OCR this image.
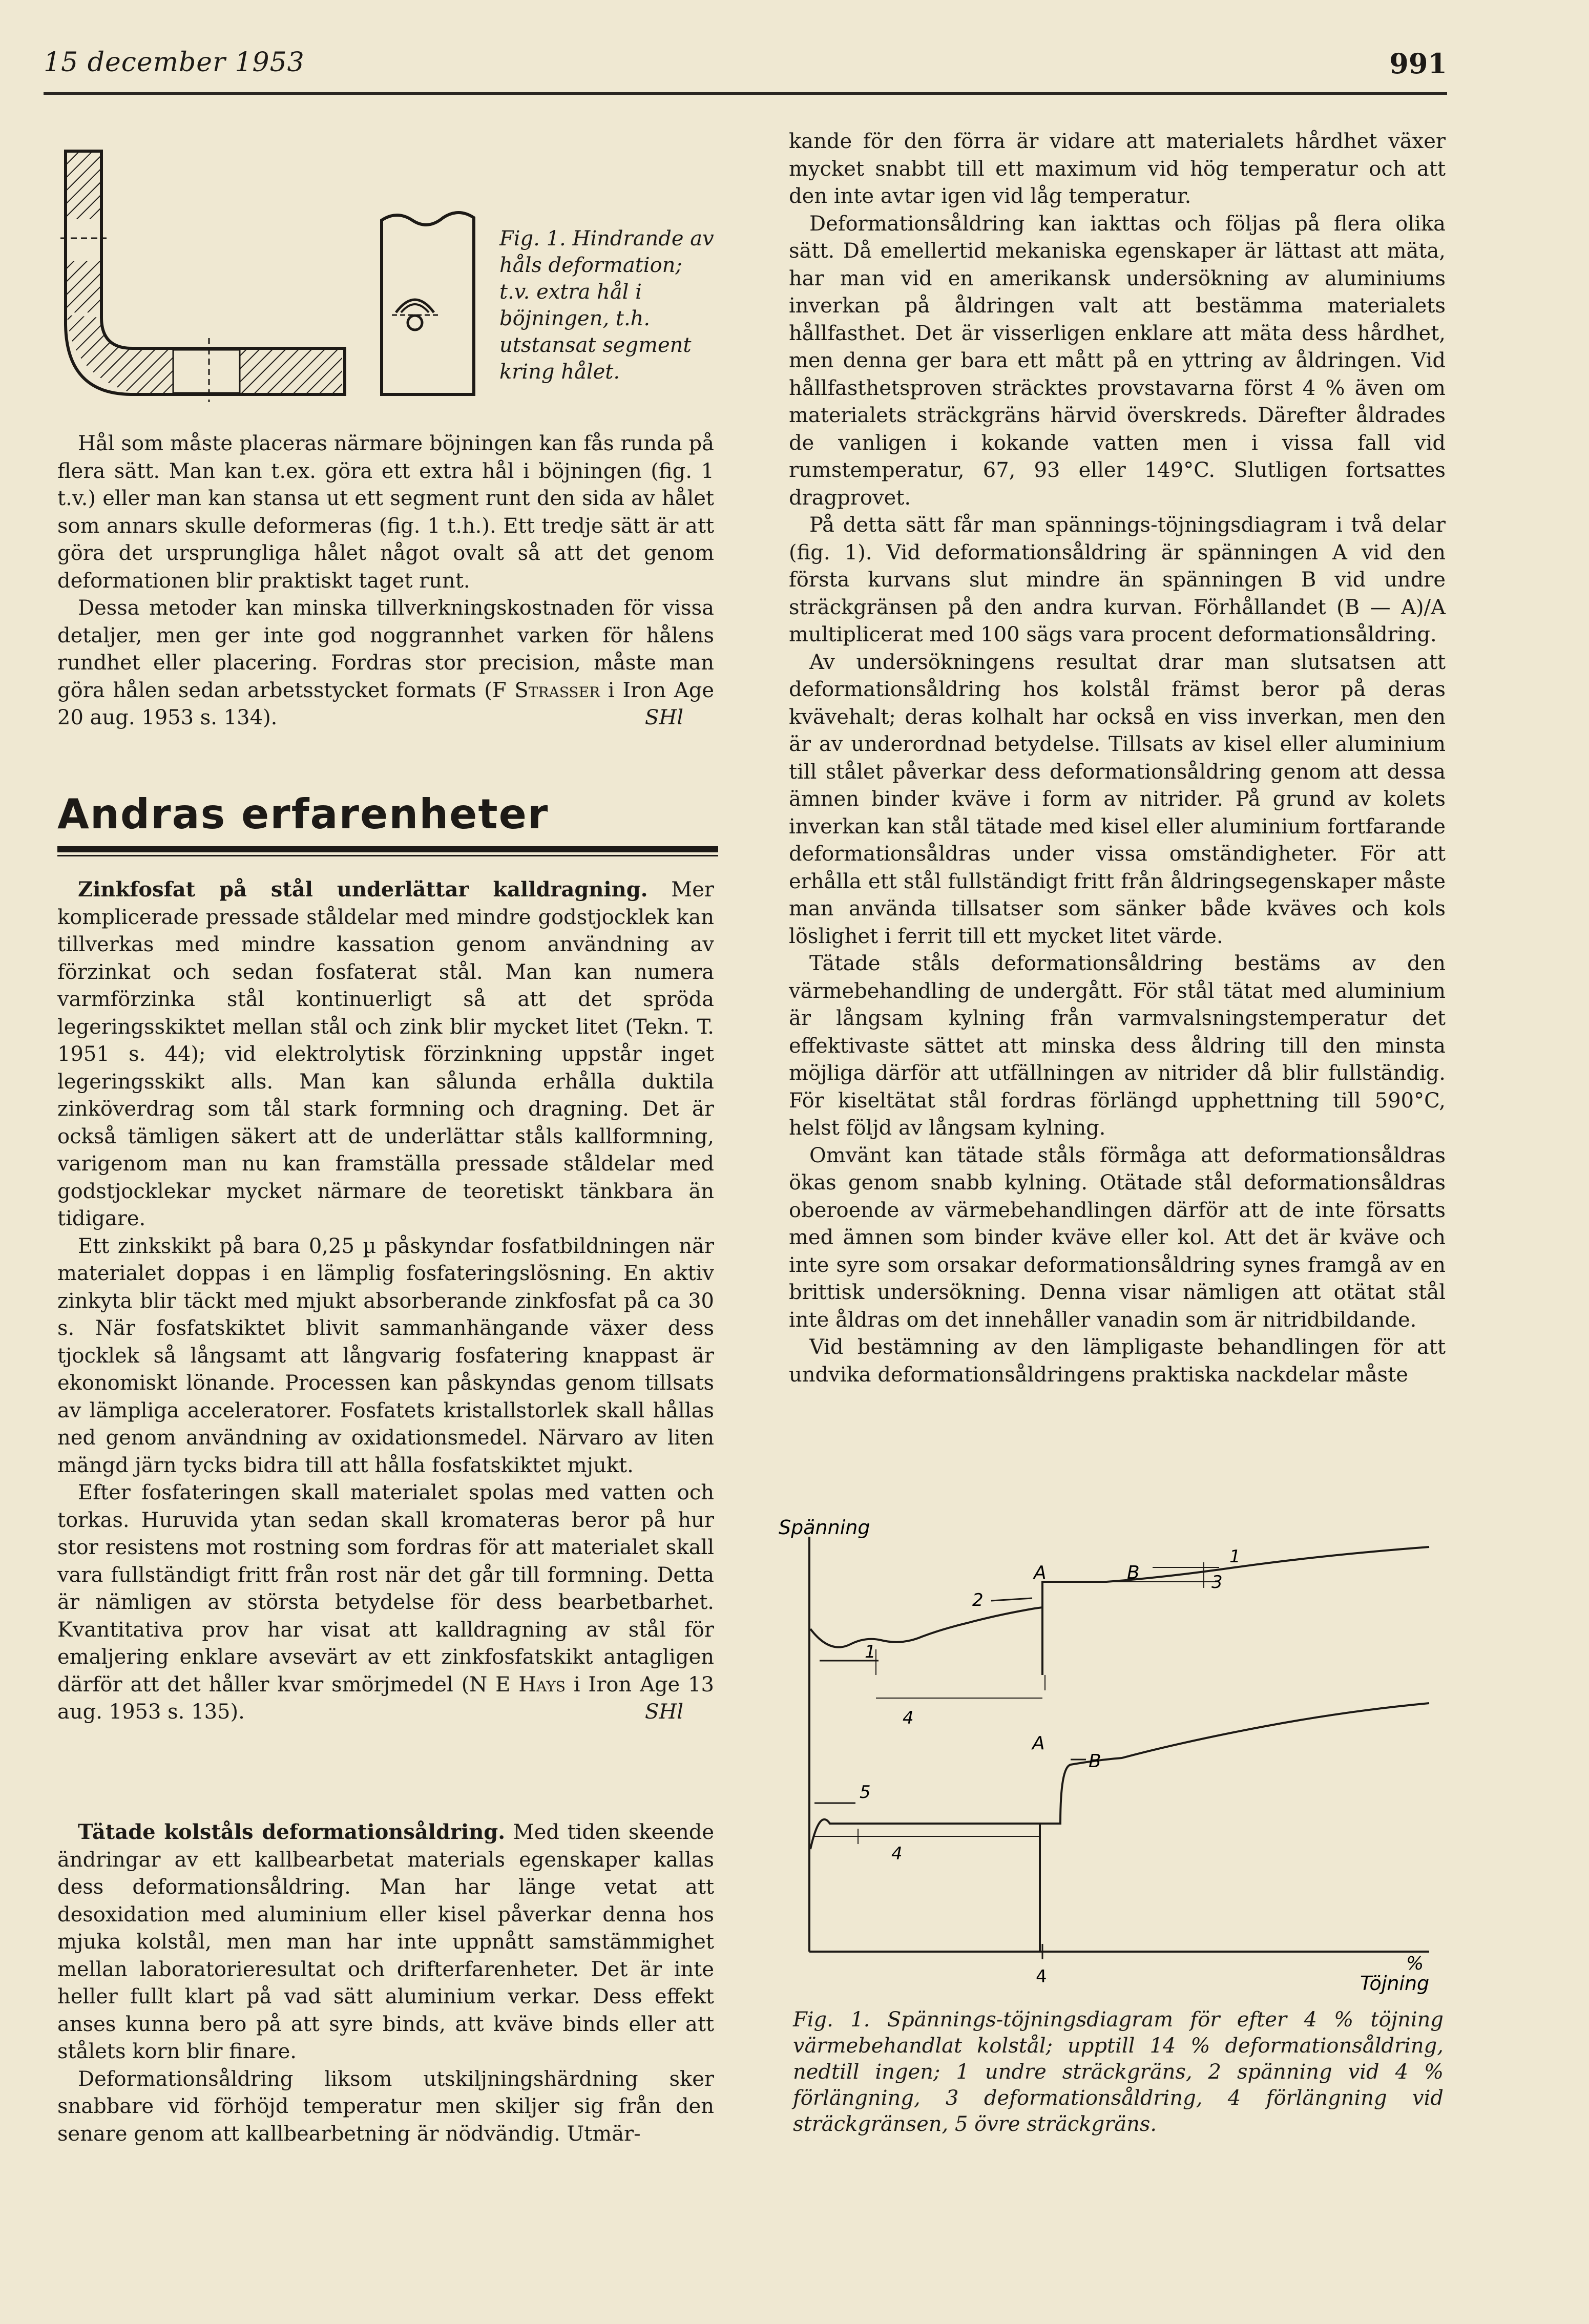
15 december 1953	991
Fig. 1. Hindrande av håls deformation; t.v. extra hål i böjningen, t.h. utstansat segment kring hålet.

Hål som måste placeras närmare böjningen kan fås runda på flera sätt. Man kan t.ex. göra ett extra hål i böjningen (fig. 1 t.v.) eller man kan stansa ut ett segment runt den sida av hålet som annars skulle deformeras (fig. 1 t.h.). Ett tredje sätt är att göra det ursprungliga hålet något ovalt så att det genom deformationen blir praktiskt taget runt.

Dessa metoder kan minska tillverkningskostnaden för vissa detaljer, men ger inte god noggrannhet varken för hålens rundhet eller placering. Fordras stor precision, måste man göra hålen sedan arbetsstycket formats (F Strasser i Iron Age 20 aug. 1953 s. 134).	SHl

Andras erfarenheter

Zinkfosfat på stål underlättar kalldragning. Mer komplicerade pressade ståldelar med mindre godstjocklek kan tillverkas med mindre kassation genom användning av förzinkat och sedan fosfaterat stål. Man kan numera varmförzinka stål kontinuerligt så att det spröda legeringsskiktet mellan stål och zink blir mycket litet (Tekn. T. 1951 s. 44); vid elektrolytisk förzinkning uppstår inget legeringsskikt alls. Man kan sålunda erhålla duktila zinköverdrag som tål stark formning och dragning. Det är också tämligen säkert att de underlättar ståls kallformning, varigenom man nu kan framställa pressade ståldelar med godstjocklekar mycket närmare de teoretiskt tänkbara än tidigare.

Ett zinkskikt på bara 0,25 µ påskyndar fosfatbildningen när materialet doppas i en lämplig fosfateringslösning. En aktiv zinkyta blir täckt med mjukt absorberande zinkfosfat på ca 30 s. När fosfatskiktet blivit sammanhängande växer dess tjocklek så långsamt att långvarig fosfatering knappast är ekonomiskt lönande. Processen kan påskyndas genom tillsats av lämpliga acceleratorer. Fosfatets kristallstorlek skall hållas ned genom användning av oxidationsmedel. Närvaro av liten mängd järn tycks bidra till att hålla fosfatskiktet mjukt.

Efter fosfateringen skall materialet spolas med vatten och torkas. Huruvida ytan sedan skall kromateras beror på hur stor resistens mot rostning som fordras för att materialet skall vara fullständigt fritt från rost när det går till formning. Detta är nämligen av största betydelse för dess bearbetbarhet. Kvantitativa prov har visat att kalldragning av stål för emaljering enklare avsevärt av ett zinkfosfatskikt antagligen därför att det håller kvar smörjmedel (N E Hays i Iron Age 13 aug. 1953 s. 135).	SHl

Tätade kolståls deformationsåldring. Med tiden skeende ändringar av ett kallbearbetat materials egenskaper kallas dess deformationsåldring. Man har länge vetat att desoxidation med aluminium eller kisel påverkar denna hos mjuka kolstål, men man har inte uppnått samstämmighet mellan laboratorieresultat och drifterfarenheter. Det är inte heller fullt klart på vad sätt aluminium verkar. Dess effekt anses kunna bero på att syre binds, att kväve binds eller att stålets korn blir finare.

Deformationsåldring liksom utskiljningshärdning sker snabbare vid förhöjd temperatur men skiljer sig från den senare genom att kallbearbetning är nödvändig. Utmär-

kande för den förra är vidare att materialets hårdhet växer mycket snabbt till ett maximum vid hög temperatur och att den inte avtar igen vid låg temperatur.

Deformationsåldring kan iakttas och följas på flera olika sätt. Då emellertid mekaniska egenskaper är lättast att mäta, har man vid en amerikansk undersökning av aluminiums inverkan på åldringen valt att bestämma materialets hållfasthet. Det är visserligen enklare att mäta dess hårdhet, men denna ger bara ett mått på en yttring av åldringen. Vid hållfasthetsproven sträcktes provstavarna först 4 % även om materialets sträckgräns härvid överskreds. Därefter åldrades de vanligen i kokande vatten men i vissa fall vid rumstemperatur, 67, 93 eller 149°C. Slutligen fortsattes dragprovet.

På detta sätt får man spännings-töjningsdiagram i två delar (fig. 1). Vid deformationsåldring är spänningen A vid den första kurvans slut mindre än spänningen B vid undre sträckgränsen på den andra kurvan. Förhållandet (B — A)/A multiplicerat med 100 sägs vara procent deformationsåldring.

Av undersökningens resultat drar man slutsatsen att deformationsåldring hos kolstål främst beror på deras kvävehalt; deras kolhalt har också en viss inverkan, men den är av underordnad betydelse. Tillsats av kisel eller aluminium till stålet påverkar dess deformationsåldring genom att dessa ämnen binder kväve i form av nitrider. På grund av kolets inverkan kan stål tätade med kisel eller aluminium fortfarande deformationsåldras under vissa omständigheter. För att erhålla ett stål fullständigt fritt från åldringsegenskaper måste man använda tillsatser som sänker både kväves och kols löslighet i ferrit till ett mycket litet värde.

Tätade ståls deformationsåldring bestäms av den värmebehandling de undergått. För stål tätat med aluminium är långsam kylning från varmvalsningstemperatur det effektivaste sättet att minska dess åldring till den minsta möjliga därför att utfällningen av nitrider då blir fullständig. För kiseltätat stål fordras förlängd upphettning till 590°C, helst följd av långsam kylning.

Omvänt kan tätade ståls förmåga att deformationsåldras ökas genom snabb kylning. Otätade stål deformationsåldras oberoende av värmebehandlingen därför att de inte försatts med ämnen som binder kväve eller kol. Att det är kväve och inte syre som orsakar deformationsåldring synes framgå av en brittisk undersökning. Denna visar nämligen att otätat stål inte åldras om det innehåller vanadin som är nitridbildande.

Vid bestämning av den lämpligaste behandlingen för att undvika deformationsåldringens praktiska nackdelar måste

Spänning
%
Töjning
4
1
4
2
A	B	3
1
A
B
5
4
Fig. 1. Spännings-töjningsdiagram för efter 4 % töjning värmebehandlat kolstål; upptill 14 % deformationsåldring, nedtill ingen; 1 undre sträckgräns, 2 spänning vid 4 % förlängning, 3 deformationsåldring, 4 förlängning vid sträckgränsen, 5 övre sträckgräns.
